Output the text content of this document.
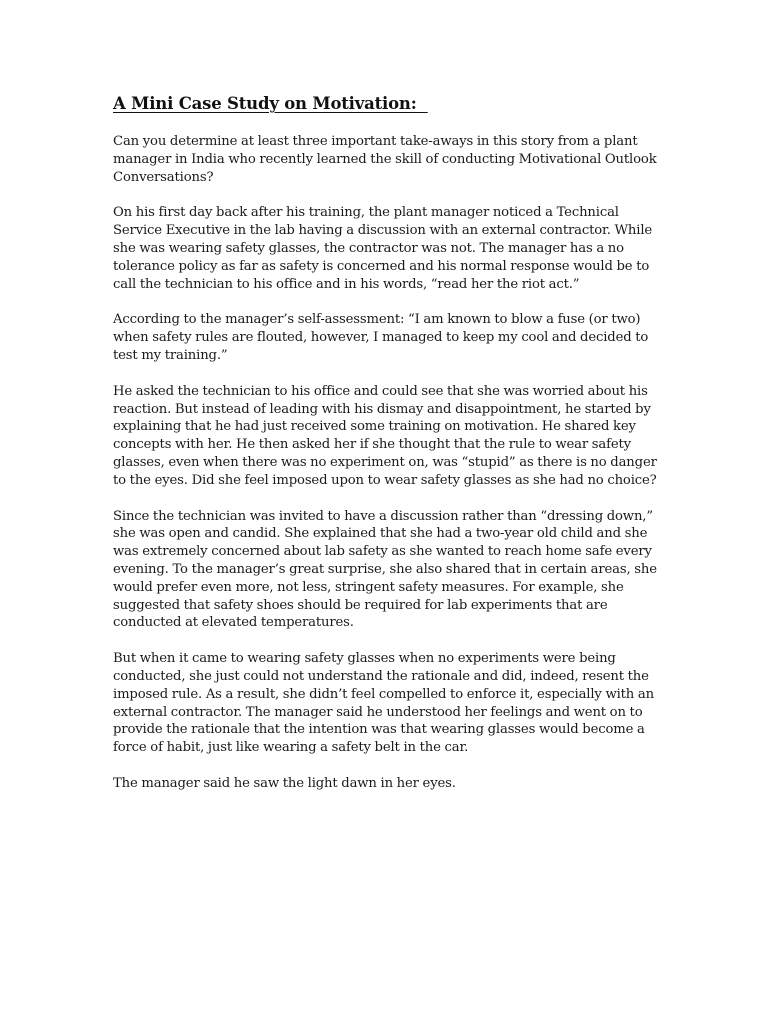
A Mini Case Study on Motivation:

Can you determine at least three important take-aways in this story from a plant manager in India who recently learned the skill of conducting Motivational Outlook Conversations?

On his first day back after his training, the plant manager noticed a Technical Service Executive in the lab having a discussion with an external contractor. While she was wearing safety glasses, the contractor was not. The manager has a no tolerance policy as far as safety is concerned and his normal response would be to call the technician to his office and in his words, “read her the riot act.”

According to the manager’s self-assessment: “I am known to blow a fuse (or two) when safety rules are flouted, however, I managed to keep my cool and decided to test my training.”

He asked the technician to his office and could see that she was worried about his reaction. But instead of leading with his dismay and disappointment, he started by explaining that he had just received some training on motivation. He shared key concepts with her. He then asked her if she thought that the rule to wear safety glasses, even when there was no experiment on, was “stupid” as there is no danger to the eyes. Did she feel imposed upon to wear safety glasses as she had no choice?

Since the technician was invited to have a discussion rather than “dressing down,” she was open and candid. She explained that she had a two-year old child and she was extremely concerned about lab safety as she wanted to reach home safe every evening. To the manager’s great surprise, she also shared that in certain areas, she would prefer even more, not less, stringent safety measures. For example, she suggested that safety shoes should be required for lab experiments that are conducted at elevated temperatures.

But when it came to wearing safety glasses when no experiments were being conducted, she just could not understand the rationale and did, indeed, resent the imposed rule. As a result, she didn’t feel compelled to enforce it, especially with an external contractor. The manager said he understood her feelings and went on to provide the rationale that the intention was that wearing glasses would become a force of habit, just like wearing a safety belt in the car.

The manager said he saw the light dawn in her eyes.
